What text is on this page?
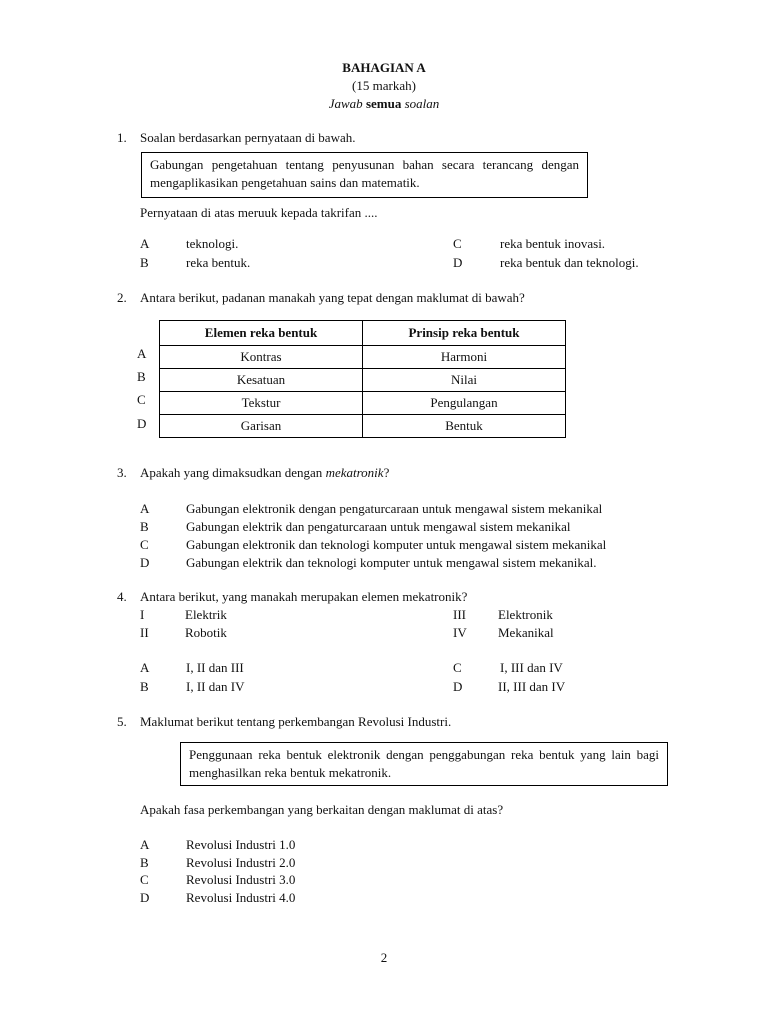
BAHAGIAN A
(15 markah)
Jawab semua soalan
1. Soalan berdasarkan pernyataan di bawah.
Gabungan pengetahuan tentang penyusunan bahan secara terancang dengan mengaplikasikan pengetahuan sains dan matematik.
Pernyataan di atas meruuk kepada takrifan ....
A	teknologi.
B	reka bentuk.
C	reka bentuk inovasi.
D	reka bentuk dan teknologi.
2. Antara berikut, padanan manakah yang tepat dengan maklumat di bawah?
A
B
C
D
Elemen reka bentuk	Prinsip reka bentuk
Kontras	Harmoni
Kesatuan	Nilai
Tekstur	Pengulangan
Garisan	Bentuk
3. Apakah yang dimaksudkan dengan mekatronik?
A	Gabungan elektronik dengan pengaturcaraan untuk mengawal sistem mekanikal
B	Gabungan elektrik dan pengaturcaraan untuk mengawal sistem mekanikal
C	Gabungan elektronik dan teknologi komputer untuk mengawal sistem mekanikal
D	Gabungan elektrik dan teknologi komputer untuk mengawal sistem mekanikal.
4. Antara berikut, yang manakah merupakan elemen mekatronik?
I	Elektrik
II	Robotik
III Elektronik
IV Mekanikal
A	I, II dan III
B	I, II dan IV
C	I, III dan IV
D	II, III dan IV
5. Maklumat berikut tentang perkembangan Revolusi Industri.
Penggunaan reka bentuk elektronik dengan penggabungan reka bentuk yang lain bagi menghasilkan reka bentuk mekatronik.
Apakah fasa perkembangan yang berkaitan dengan maklumat di atas?
A	Revolusi Industri 1.0
B	Revolusi Industri 2.0
C	Revolusi Industri 3.0
D	Revolusi Industri 4.0
2
